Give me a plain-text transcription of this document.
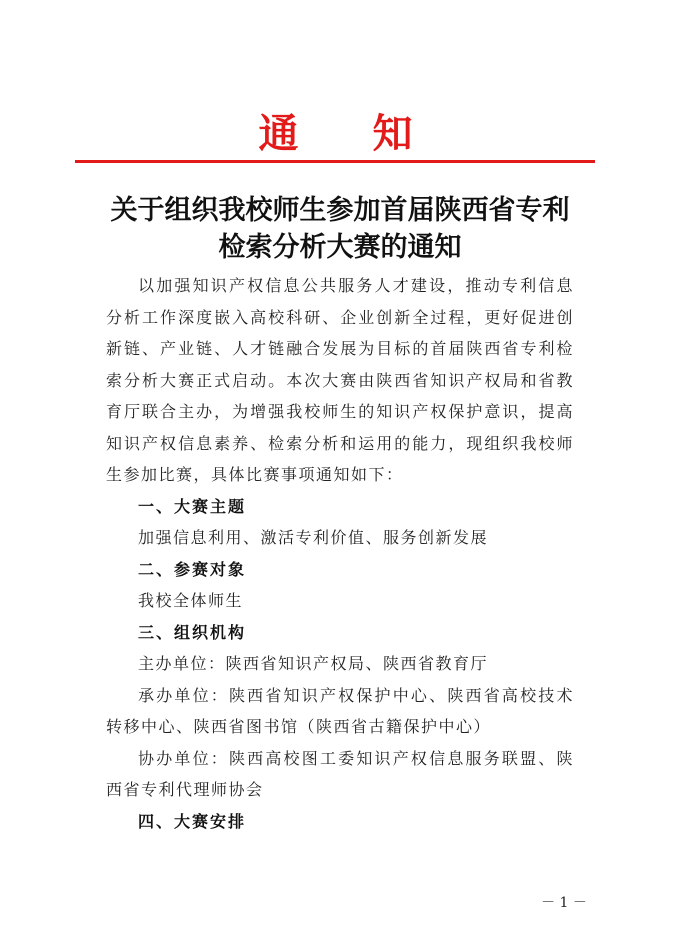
通 知
关于组织我校师生参加首届陕西省专利
检索分析大赛的通知

以加强知识产权信息公共服务人才建设，推动专利信息分析工作深度嵌入高校科研、企业创新全过程，更好促进创新链、产业链、人才链融合发展为目标的首届陕西省专利检索分析大赛正式启动。本次大赛由陕西省知识产权局和省教育厅联合主办，为增强我校师生的知识产权保护意识，提高知识产权信息素养、检索分析和运用的能力，现组织我校师生参加比赛，具体比赛事项通知如下：

一、大赛主题

加强信息利用、激活专利价值、服务创新发展

二、参赛对象

我校全体师生

三、组织机构

主办单位：陕西省知识产权局、陕西省教育厅

承办单位：陕西省知识产权保护中心、陕西省高校技术转移中心、陕西省图书馆（陕西省古籍保护中心）

协办单位：陕西高校图工委知识产权信息服务联盟、陕西省专利代理师协会

四、大赛安排

－ 1 －
